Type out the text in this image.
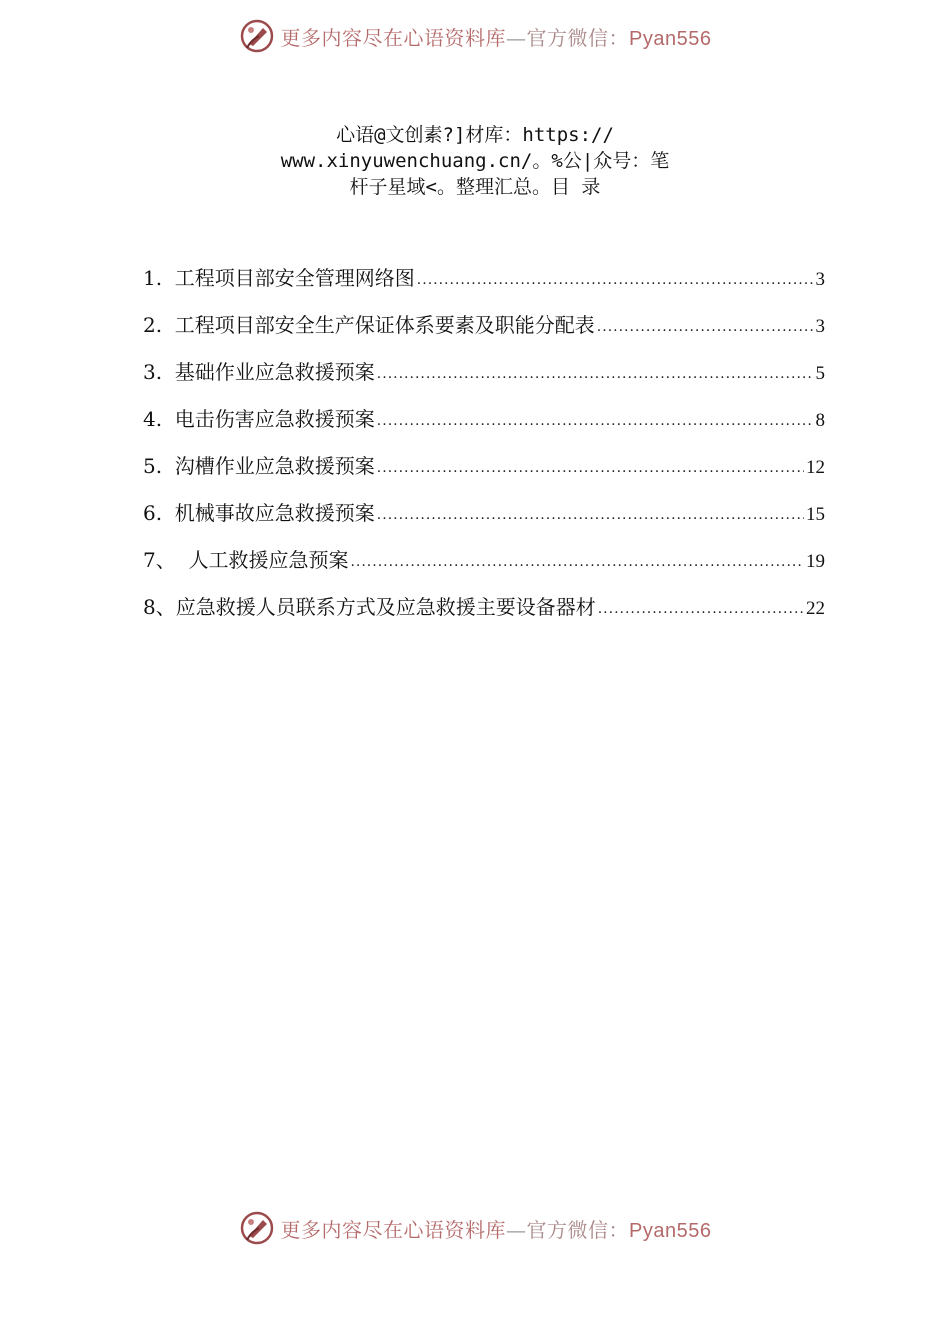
更多内容尽在心语资料库—官方微信：Pyan556
心语@文创素?]材库：https://
www.xinyuwenchuang.cn/。%公|众号：笔
杆子星域<。整理汇总。目 录
1. 工程项目部安全管理网络图 .....	3
2. 工程项目部安全生产保证体系要素及职能分配表 .....	3
3. 基础作业应急救援预案 .....	5
4. 电击伤害应急救援预案 .....	8
5. 沟槽作业应急救援预案 .....	12
6. 机械事故应急救援预案 .....	15
7、 人工救援应急预案 .....	19
8、 应急救援人员联系方式及应急救援主要设备器材 .....	22
更多内容尽在心语资料库—官方微信：Pyan556
